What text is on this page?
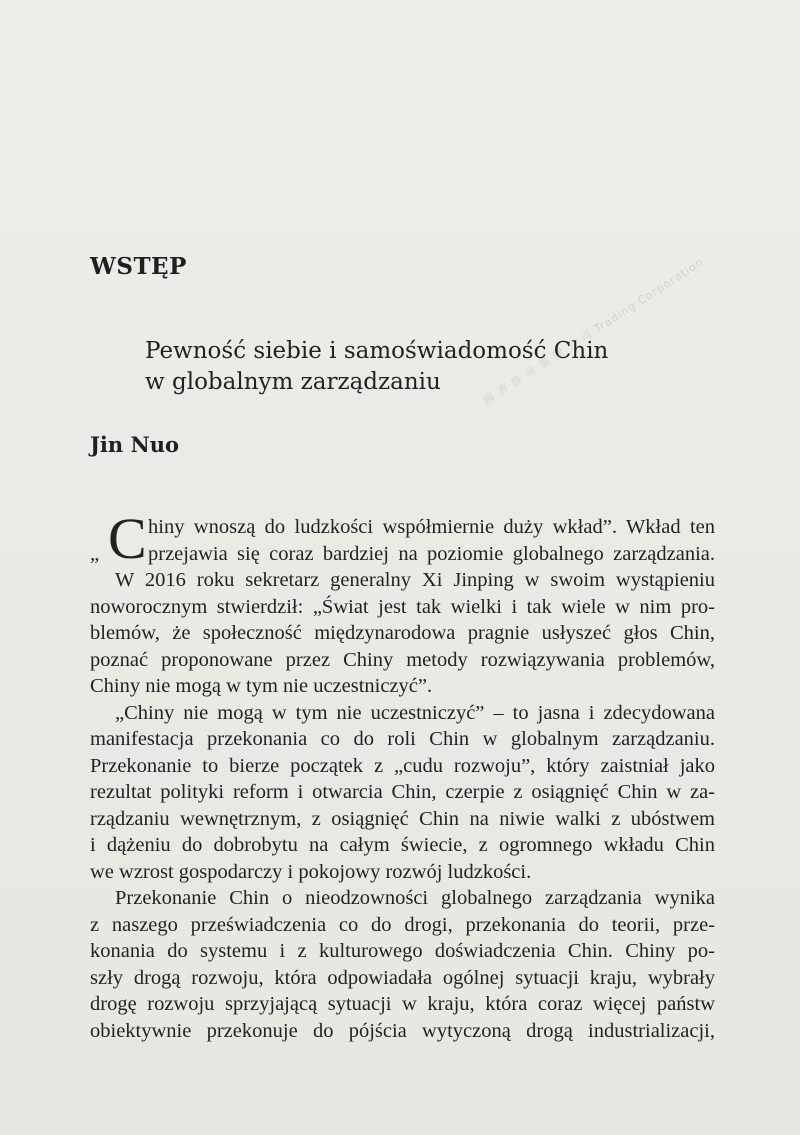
國 香 經 易 集 團 公 司 Trading Corporation
WSTĘP
Pewność siebie i samoświadomość Chin
w globalnym zarządzaniu
Jin Nuo
C
„
hiny wnoszą do ludzkości współmiernie duży wkład”. Wkład ten
przejawia się coraz bardziej na poziomie globalnego zarządzania.
W 2016 roku sekretarz generalny Xi Jinping w swoim wystąpieniu
noworocznym stwierdził: „Świat jest tak wielki i tak wiele w nim pro-
blemów, że społeczność międzynarodowa pragnie usłyszeć głos Chin,
poznać proponowane przez Chiny metody rozwiązywania problemów,
Chiny nie mogą w tym nie uczestniczyć”.
„Chiny nie mogą w tym nie uczestniczyć” – to jasna i zdecydowana
manifestacja przekonania co do roli Chin w globalnym zarządzaniu.
Przekonanie to bierze początek z „cudu rozwoju”, który zaistniał jako
rezultat polityki reform i otwarcia Chin, czerpie z osiągnięć Chin w za-
rządzaniu wewnętrznym, z osiągnięć Chin na niwie walki z ubóstwem
i dążeniu do dobrobytu na całym świecie, z ogromnego wkładu Chin
we wzrost gospodarczy i pokojowy rozwój ludzkości.
Przekonanie Chin o nieodzowności globalnego zarządzania wynika
z naszego przeświadczenia co do drogi, przekonania do teorii, prze-
konania do systemu i z kulturowego doświadczenia Chin. Chiny po-
szły drogą rozwoju, która odpowiadała ogólnej sytuacji kraju, wybrały
drogę rozwoju sprzyjającą sytuacji w kraju, która coraz więcej państw
obiektywnie przekonuje do pójścia wytyczoną drogą industrializacji,
